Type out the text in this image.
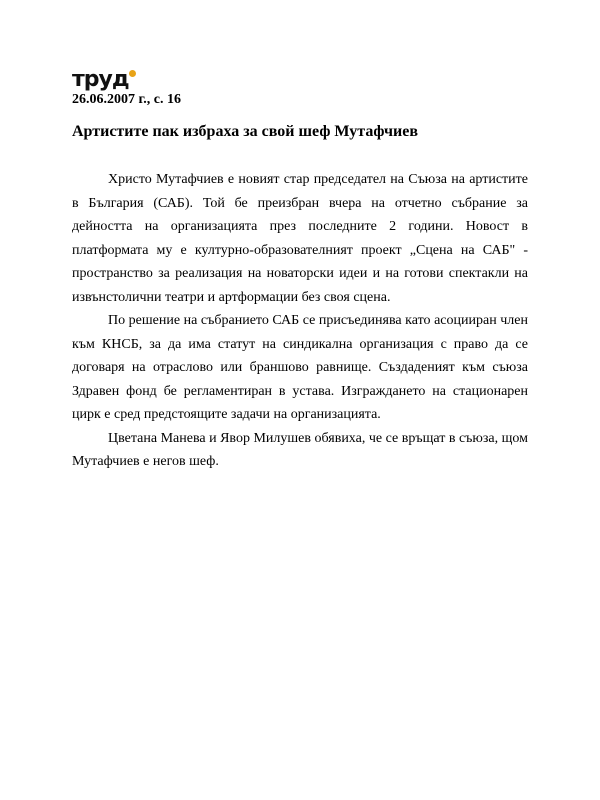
труд
26.06.2007 г., с. 16
Артистите пак избраха за свой шеф Мутафчиев

Христо Мутафчиев е новият стар председател на Съюза на артистите в България (САБ). Той бе преизбран вчера на отчетно събрание за дейността на организацията през последните 2 години. Новост в платформата му е културно-образователният проект „Сцена на САБ" - пространство за реализация на новаторски идеи и на готови спектакли на извънстолични театри и артформации без своя сцена.

По решение на събранието САБ се присъединява като асоцииран член към КНСБ, за да има статут на синдикална организация с право да се договаря на отраслово или браншово равнище. Създаденият към съюза Здравен фонд бе регламентиран в устава. Изграждането на стационарен цирк е сред предстоящите задачи на организацията.

Цветана Манева и Явор Милушев обявиха, че се връщат в съюза, щом Мутафчиев е негов шеф.
